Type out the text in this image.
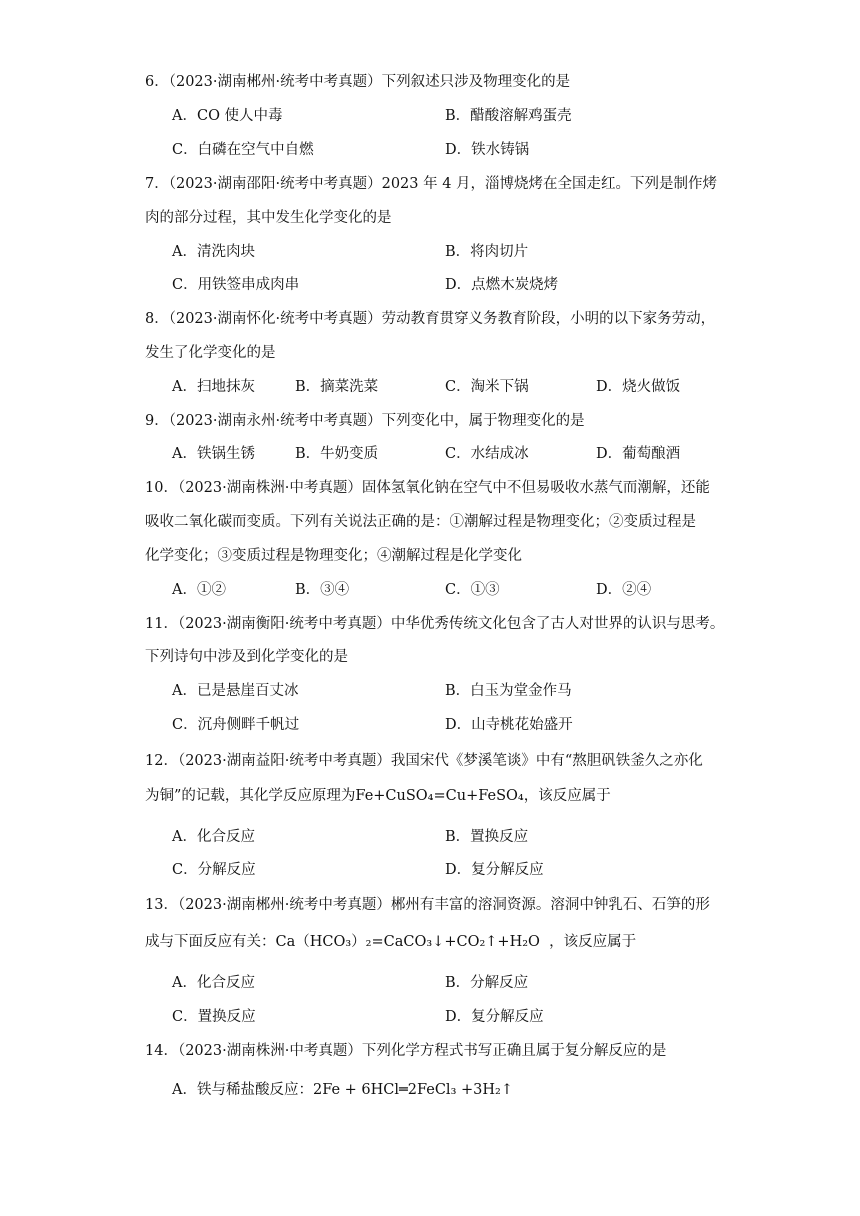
6．（2023·湖南郴州·统考中考真题）下列叙述只涉及物理变化的是
A．CO 使人中毒	B．醋酸溶解鸡蛋壳
C．白磷在空气中自燃	D．铁水铸锅
7．（2023·湖南邵阳·统考中考真题）2023 年 4 月，淄博烧烤在全国走红。下列是制作烤
肉的部分过程，其中发生化学变化的是
A．清洗肉块	B．将肉切片
C．用铁签串成肉串	D．点燃木炭烧烤
8．（2023·湖南怀化·统考中考真题）劳动教育贯穿义务教育阶段，小明的以下家务劳动，
发生了化学变化的是
A．扫地抹灰	B．摘菜洗菜	C．淘米下锅	D．烧火做饭
9．（2023·湖南永州·统考中考真题）下列变化中，属于物理变化的是
A．铁锅生锈	B．牛奶变质	C．水结成冰	D．葡萄酿酒
10．（2023·湖南株洲·中考真题）固体氢氧化钠在空气中不但易吸收水蒸气而潮解，还能
吸收二氧化碳而变质。下列有关说法正确的是：①潮解过程是物理变化；②变质过程是
化学变化；③变质过程是物理变化；④潮解过程是化学变化
A．①②	B．③④	C．①③	D．②④
11．（2023·湖南衡阳·统考中考真题）中华优秀传统文化包含了古人对世界的认识与思考。
下列诗句中涉及到化学变化的是
A．已是悬崖百丈冰	B．白玉为堂金作马
C．沉舟侧畔千帆过	D．山寺桃花始盛开
12．（2023·湖南益阳·统考中考真题）我国宋代《梦溪笔谈》中有“熬胆矾铁釜久之亦化
为铜”的记载，其化学反应原理为Fe+CuSO₄=Cu+FeSO₄，该反应属于
A．化合反应	B．置换反应
C．分解反应	D．复分解反应
13．（2023·湖南郴州·统考中考真题）郴州有丰富的溶洞资源。溶洞中钟乳石、石笋的形
成与下面反应有关：Ca（HCO₃）₂=CaCO₃↓+CO₂↑+H₂O ，该反应属于
A．化合反应	B．分解反应
C．置换反应	D．复分解反应
14．（2023·湖南株洲·中考真题）下列化学方程式书写正确且属于复分解反应的是
A．铁与稀盐酸反应：2Fe + 6HCl═2FeCl₃ +3H₂↑
